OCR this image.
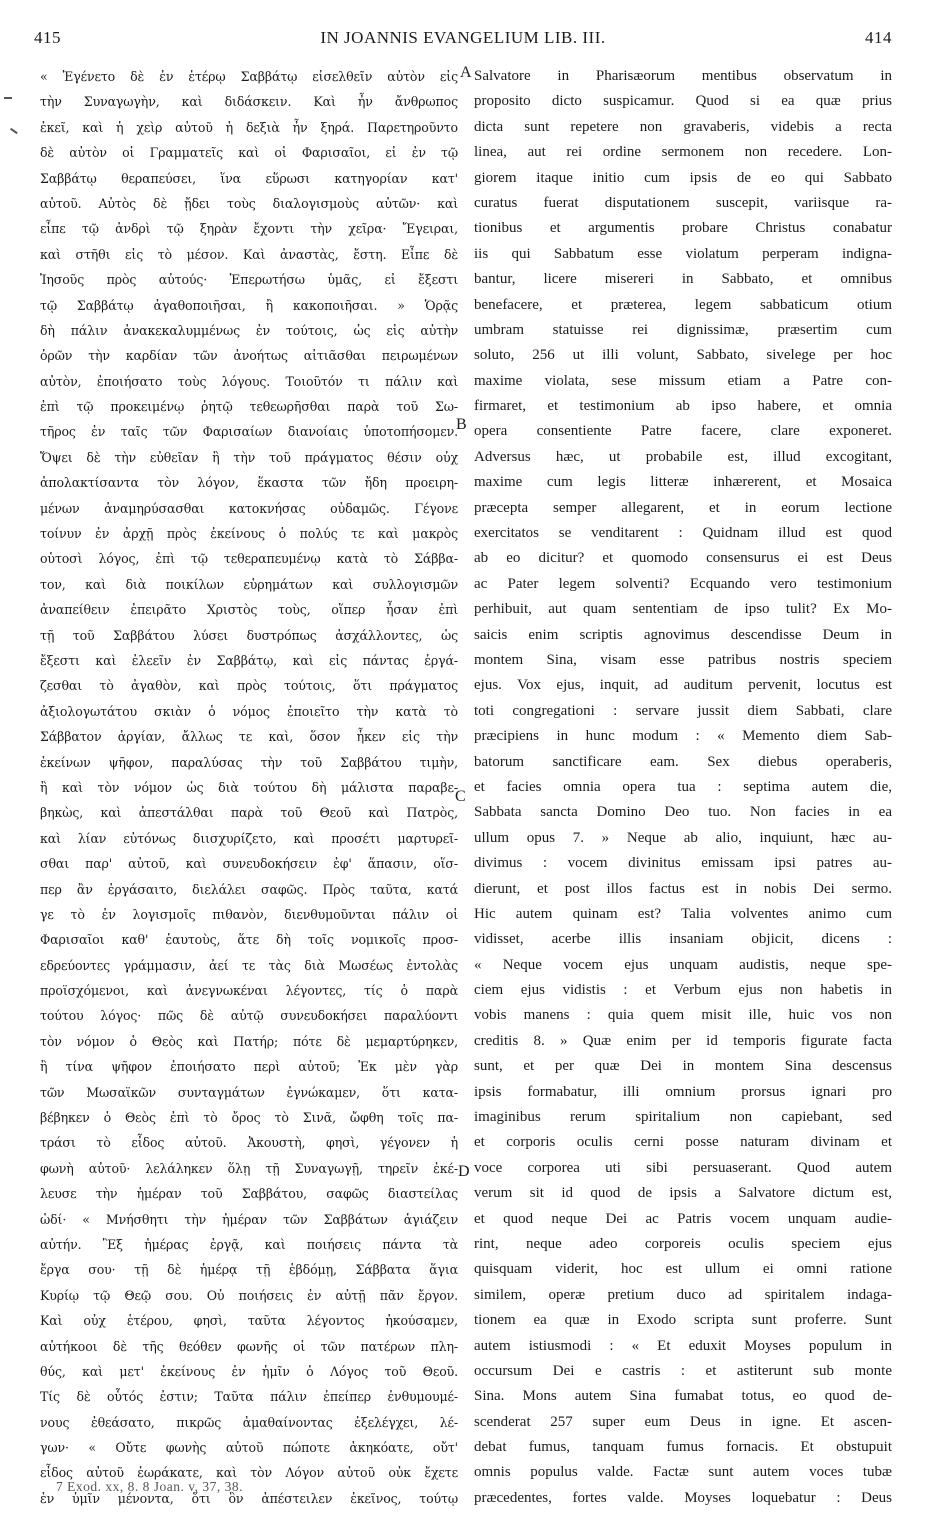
415	IN JOANNIS EVANGELIUM LIB. III.	414
« Ἐγένετο δὲ ἐν ἑτέρῳ Σαββάτῳ εἰσελθεῖν αὐτὸν εἰς
τὴν Συναγωγὴν, καὶ διδάσκειν. Καὶ ἦν ἄνθρωπος
ἐκεῖ, καὶ ἡ χεὶρ αὐτοῦ ἡ δεξιὰ ἦν ξηρά. Παρετηροῦντο
δὲ αὐτὸν οἱ Γραμματεῖς καὶ οἱ Φαρισαῖοι, εἰ ἐν τῷ
Σαββάτῳ θεραπεύσει, ἵνα εὕρωσι κατηγορίαν κατ'
αὐτοῦ. Αὐτὸς δὲ ᾔδει τοὺς διαλογισμοὺς αὐτῶν· καὶ
εἶπε τῷ ἀνδρὶ τῷ ξηρὰν ἔχοντι τὴν χεῖρα· Ἔγειραι,
καὶ στῆθι εἰς τὸ μέσον. Καὶ ἀναστὰς, ἔστη. Εἶπε δὲ
Ἰησοῦς πρὸς αὐτούς· Ἐπερωτήσω ὑμᾶς, εἰ ἔξεστι
τῷ Σαββάτῳ ἀγαθοποιῆσαι, ἢ κακοποιῆσαι. » Ὁρᾷς
δὴ πάλιν ἀνακεκαλυμμένως ἐν τούτοις, ὡς εἰς αὐτὴν
ὁρῶν τὴν καρδίαν τῶν ἀνοήτως αἰτιᾶσθαι πειρωμένων
αὐτὸν, ἐποιήσατο τοὺς λόγους. Τοιοῦτόν τι πάλιν καὶ
ἐπὶ τῷ προκειμένῳ ῥητῷ τεθεωρῆσθαι παρὰ τοῦ Σω-
τῆρος ἐν ταῖς τῶν Φαρισαίων διανοίαις ὑποτοπήσομεν.
Ὄψει δὲ τὴν εὐθεῖαν ἢ τὴν τοῦ πράγματος θέσιν οὐχ
ἀπολακτίσαντα τὸν λόγον, ἕκαστα τῶν ἤδη προειρη-
μένων ἀναμηρύσασθαι κατοκνήσας οὐδαμῶς. Γέγονε
τοίνυν ἐν ἀρχῇ πρὸς ἐκείνους ὁ πολύς τε καὶ μακρὸς
οὑτοσὶ λόγος, ἐπὶ τῷ τεθεραπευμένῳ κατὰ τὸ Σάββα-
τον, καὶ διὰ ποικίλων εὑρημάτων καὶ συλλογισμῶν
ἀναπείθειν ἐπειρᾶτο Χριστὸς τοὺς, οἵπερ ἦσαν ἐπὶ
τῇ τοῦ Σαββάτου λύσει δυστρόπως ἀσχάλλοντες, ὡς
ἔξεστι καὶ ἐλεεῖν ἐν Σαββάτῳ, καὶ εἰς πάντας ἐργά-
ζεσθαι τὸ ἀγαθὸν, καὶ πρὸς τούτοις, ὅτι πράγματος
ἀξιολογωτάτου σκιὰν ὁ νόμος ἐποιεῖτο τὴν κατὰ τὸ
Σάββατον ἀργίαν, ἄλλως τε καὶ, ὅσον ἧκεν εἰς τὴν
ἐκείνων ψῆφον, παραλύσας τὴν τοῦ Σαββάτου τιμὴν,
ἢ καὶ τὸν νόμον ὡς διὰ τούτου δὴ μάλιστα παραβε-
βηκὼς, καὶ ἀπεστάλθαι παρὰ τοῦ Θεοῦ καὶ Πατρὸς,
καὶ λίαν εὐτόνως διισχυρίζετο, καὶ προσέτι μαρτυρεῖ-
σθαι παρ' αὐτοῦ, καὶ συνευδοκήσειν ἐφ' ἅπασιν, οἵσ-
περ ἂν ἐργάσαιτο, διελάλει σαφῶς. Πρὸς ταῦτα, κατά
γε τὸ ἐν λογισμοῖς πιθανὸν, διενθυμοῦνται πάλιν οἱ
Φαρισαῖοι καθ' ἑαυτοὺς, ἅτε δὴ τοῖς νομικοῖς προσ-
εδρεύοντες γράμμασιν, ἀεί τε τὰς διὰ Μωσέως ἐντολὰς
προϊσχόμενοι, καὶ ἀνεγνωκέναι λέγοντες, τίς ὁ παρὰ
τούτου λόγος· πῶς δὲ αὐτῷ συνευδοκήσει παραλύοντι
τὸν νόμον ὁ Θεὸς καὶ Πατήρ; πότε δὲ μεμαρτύρηκεν,
ἢ τίνα ψῆφον ἐποιήσατο περὶ αὐτοῦ; Ἐκ μὲν γὰρ
τῶν Μωσαϊκῶν συνταγμάτων ἐγνώκαμεν, ὅτι κατα-
βέβηκεν ὁ Θεὸς ἐπὶ τὸ ὄρος τὸ Σινᾶ, ὤφθη τοῖς πα-
τράσι τὸ εἶδος αὐτοῦ. Ἀκουστὴ, φησὶ, γέγονεν ἡ
φωνὴ αὐτοῦ· λελάληκεν ὅλῃ τῇ Συναγωγῇ, τηρεῖν ἐκέ-
λευσε τὴν ἡμέραν τοῦ Σαββάτου, σαφῶς διαστείλας
ὡδί· « Μνήσθητι τὴν ἡμέραν τῶν Σαββάτων ἁγιάζειν
αὐτήν. Ἓξ ἡμέρας ἐργᾷ, καὶ ποιήσεις πάντα τὰ
ἔργα σου· τῇ δὲ ἡμέρᾳ τῇ ἑβδόμῃ, Σάββατα ἅγια
Κυρίῳ τῷ Θεῷ σου. Οὐ ποιήσεις ἐν αὐτῇ πᾶν ἔργον.
Καὶ οὐχ ἑτέρου, φησὶ, ταῦτα λέγοντος ἠκούσαμεν,
αὐτήκοοι δὲ τῆς θεόθεν φωνῆς οἱ τῶν πατέρων πλη-
θύς, καὶ μετ' ἐκείνους ἐν ἡμῖν ὁ Λόγος τοῦ Θεοῦ.
Τίς δὲ οὗτός ἐστιν; Ταῦτα πάλιν ἐπείπερ ἐνθυμουμέ-
νους ἐθεάσατο, πικρῶς ἀμαθαίνοντας ἐξελέγχει, λέ-
γων· « Οὔτε φωνὴς αὐτοῦ πώποτε ἀκηκόατε, οὔτ'
εἶδος αὐτοῦ ἑωράκατε, καὶ τὸν Λόγον αὐτοῦ οὐκ ἔχετε
ἐν ὑμῖν μένοντα, ὅτι ὃν ἀπέστειλεν ἐκεῖνος, τούτῳ
Salvatore in Pharisæorum mentibus observatum in
proposito dicto suspicamur. Quod si ea quæ prius
dicta sunt repetere non gravaberis, videbis a recta
linea, aut rei ordine sermonem non recedere. Lon-
giorem itaque initio cum ipsis de eo qui Sabbato
curatus fuerat disputationem suscepit, variisque ra-
tionibus et argumentis probare Christus conabatur
iis qui Sabbatum esse violatum perperam indigna-
bantur, licere misereri in Sabbato, et omnibus
benefacere, et præterea, legem sabbaticum otium
umbram statuisse rei dignissimæ, præsertim cum
soluto, 256 ut illi volunt, Sabbato, sivelege per hoc
maxime violata, sese missum etiam a Patre con-
firmaret, et testimonium ab ipso habere, et omnia
opera consentiente Patre facere, clare exponeret.
Adversus hæc, ut probabile est, illud excogitant,
maxime cum legis litteræ inhærerent, et Mosaica
præcepta semper allegarent, et in eorum lectione
exercitatos se venditarent : Quidnam illud est quod
ab eo dicitur? et quomodo consensurus ei est Deus
ac Pater legem solventi? Ecquando vero testimonium
perhibuit, aut quam sententiam de ipso tulit? Ex Mo-
saicis enim scriptis agnovimus descendisse Deum in
montem Sina, visam esse patribus nostris speciem
ejus. Vox ejus, inquit, ad auditum pervenit, locutus est
toti congregationi : servare jussit diem Sabbati, clare
præcipiens in hunc modum : « Memento diem Sab-
batorum sanctificare eam. Sex diebus operaberis,
et facies omnia opera tua : septima autem die,
Sabbata sancta Domino Deo tuo. Non facies in ea
ullum opus 7. » Neque ab alio, inquiunt, hæc au-
divimus : vocem divinitus emissam ipsi patres au-
dierunt, et post illos factus est in nobis Dei sermo.
Hic autem quinam est? Talia volventes animo cum
vidisset, acerbe illis insaniam objicit, dicens :
« Neque vocem ejus unquam audistis, neque spe-
ciem ejus vidistis : et Verbum ejus non habetis in
vobis manens : quia quem misit ille, huic vos non
creditis 8. » Quæ enim per id temporis figurate facta
sunt, et per quæ Dei in montem Sina descensus
ipsis formabatur, illi omnium prorsus ignari pro
imaginibus rerum spiritalium non capiebant, sed
et corporis oculis cerni posse naturam divinam et
voce corporea uti sibi persuaserant. Quod autem
verum sit id quod de ipsis a Salvatore dictum est,
et quod neque Dei ac Patris vocem unquam audie-
rint, neque adeo corporeis oculis speciem ejus
quisquam viderit, hoc est ullum ei omni ratione
similem, operæ pretium duco ad spiritalem indaga-
tionem ea quæ in Exodo scripta sunt proferre. Sunt
autem istiusmodi : « Et eduxit Moyses populum in
occursum Dei e castris : et astiterunt sub monte
Sina. Mons autem Sina fumabat totus, eo quod de-
scenderat 257 super eum Deus in igne. Et ascen-
debat fumus, tanquam fumus fornacis. Et obstupuit
omnis populus valde. Factæ sunt autem voces tubæ
præcedentes, fortes valde. Moyses loquebatur : Deus
A
B
C
D
7 Exod. xx, 8. 8 Joan. v, 37, 38.
